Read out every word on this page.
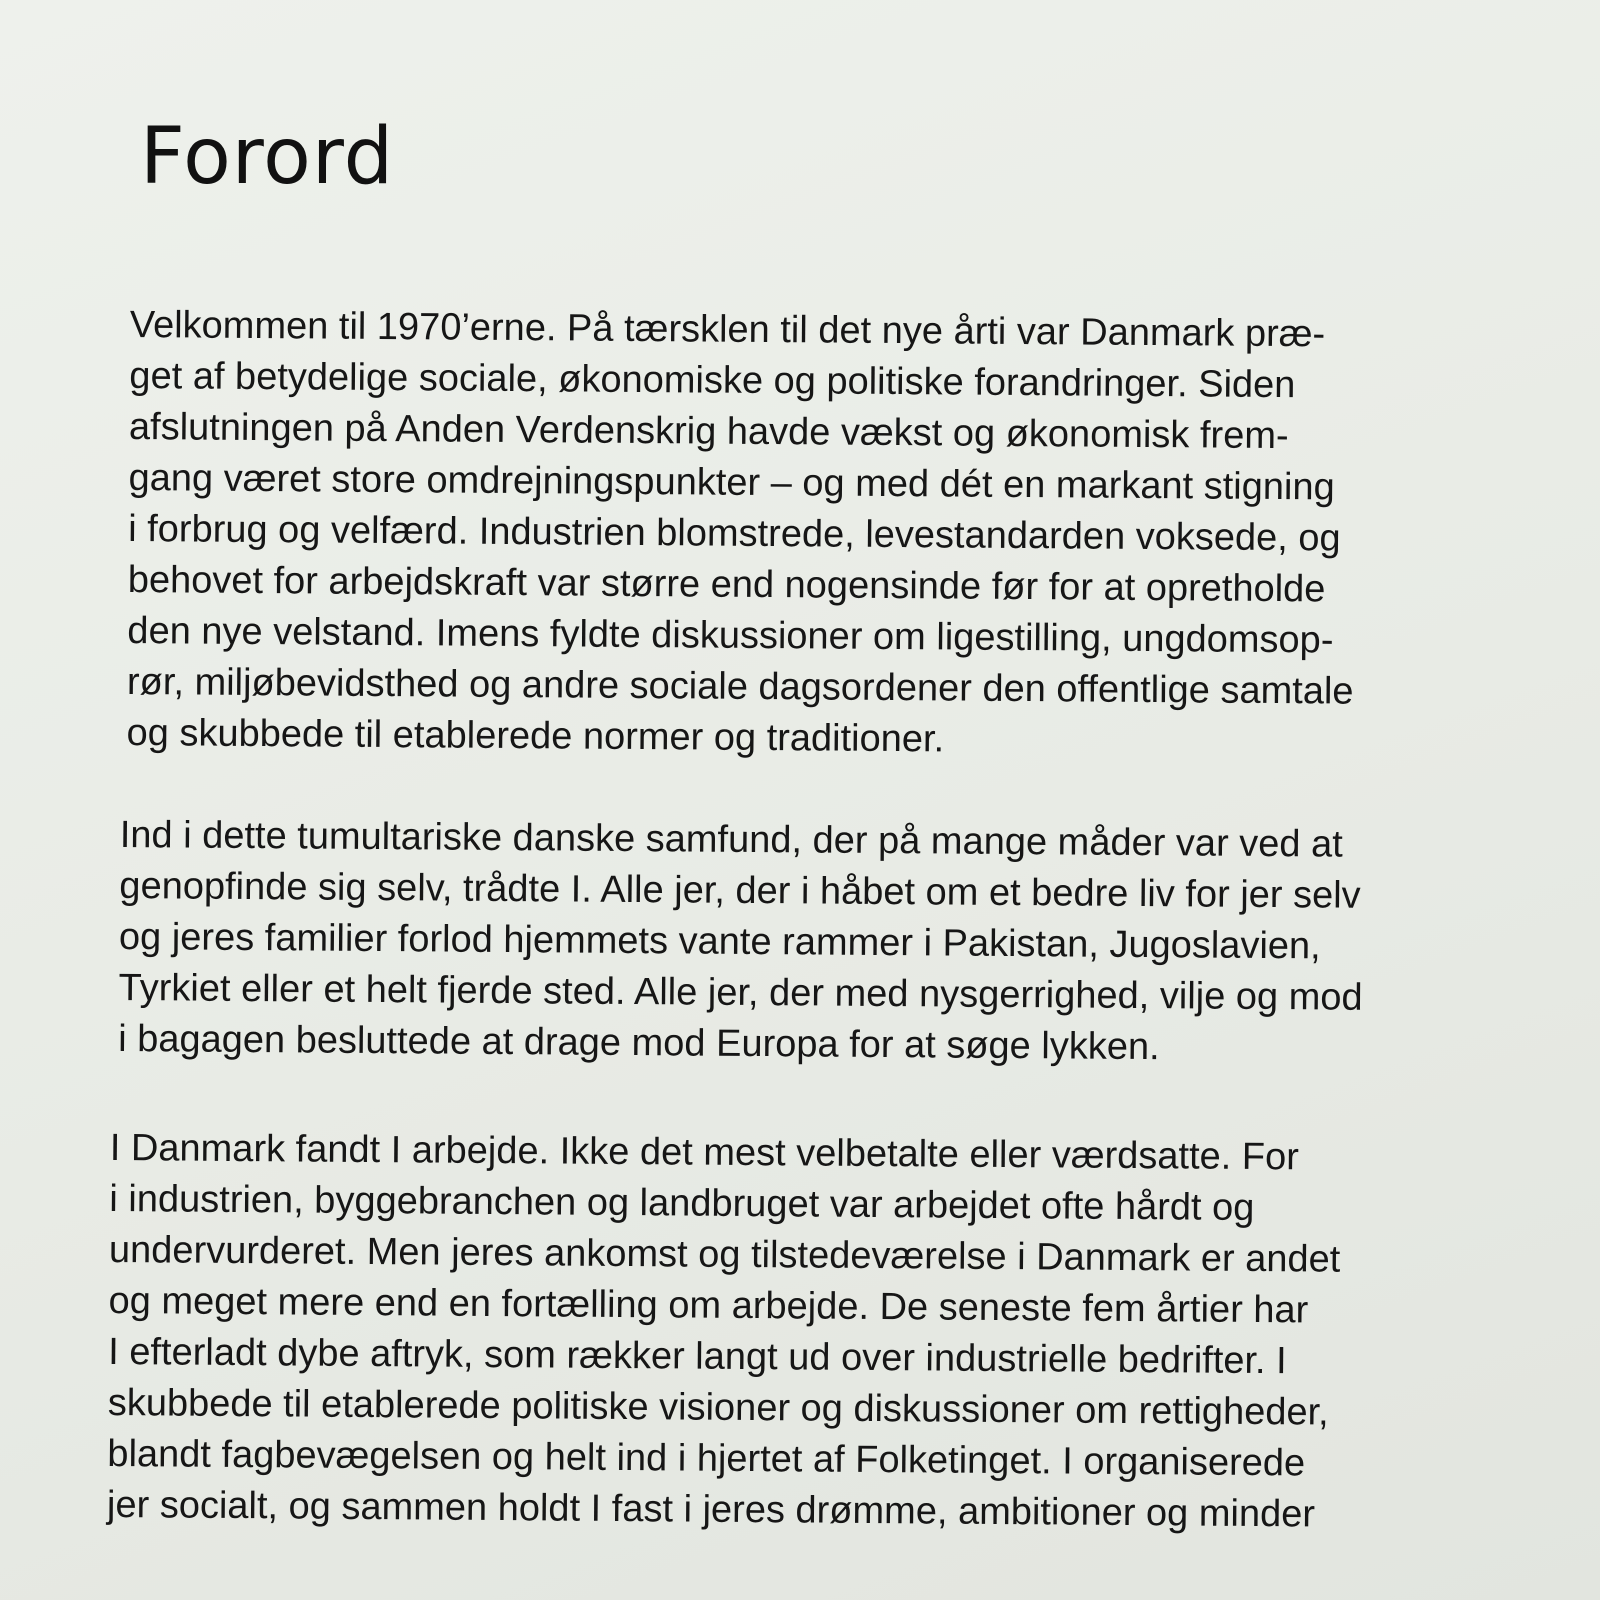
Forord
Velkommen til 1970’erne. På tærsklen til det nye årti var Danmark præ-
get af betydelige sociale, økonomiske og politiske forandringer. Siden
afslutningen på Anden Verdenskrig havde vækst og økonomisk frem-
gang været store omdrejningspunkter – og med dét en markant stigning
i forbrug og velfærd. Industrien blomstrede, levestandarden voksede, og
behovet for arbejdskraft var større end nogensinde før for at opretholde
den nye velstand. Imens fyldte diskussioner om ligestilling, ungdomsop-
rør, miljøbevidsthed og andre sociale dagsordener den offentlige samtale
og skubbede til etablerede normer og traditioner.
Ind i dette tumultariske danske samfund, der på mange måder var ved at
genopfinde sig selv, trådte I. Alle jer, der i håbet om et bedre liv for jer selv
og jeres familier forlod hjemmets vante rammer i Pakistan, Jugoslavien,
Tyrkiet eller et helt fjerde sted. Alle jer, der med nysgerrighed, vilje og mod
i bagagen besluttede at drage mod Europa for at søge lykken.
I Danmark fandt I arbejde. Ikke det mest velbetalte eller værdsatte. For
i industrien, byggebranchen og landbruget var arbejdet ofte hårdt og
undervurderet. Men jeres ankomst og tilstedeværelse i Danmark er andet
og meget mere end en fortælling om arbejde. De seneste fem årtier har
I efterladt dybe aftryk, som rækker langt ud over industrielle bedrifter. I
skubbede til etablerede politiske visioner og diskussioner om rettigheder,
blandt fagbevægelsen og helt ind i hjertet af Folketinget. I organiserede
jer socialt, og sammen holdt I fast i jeres drømme, ambitioner og minder
